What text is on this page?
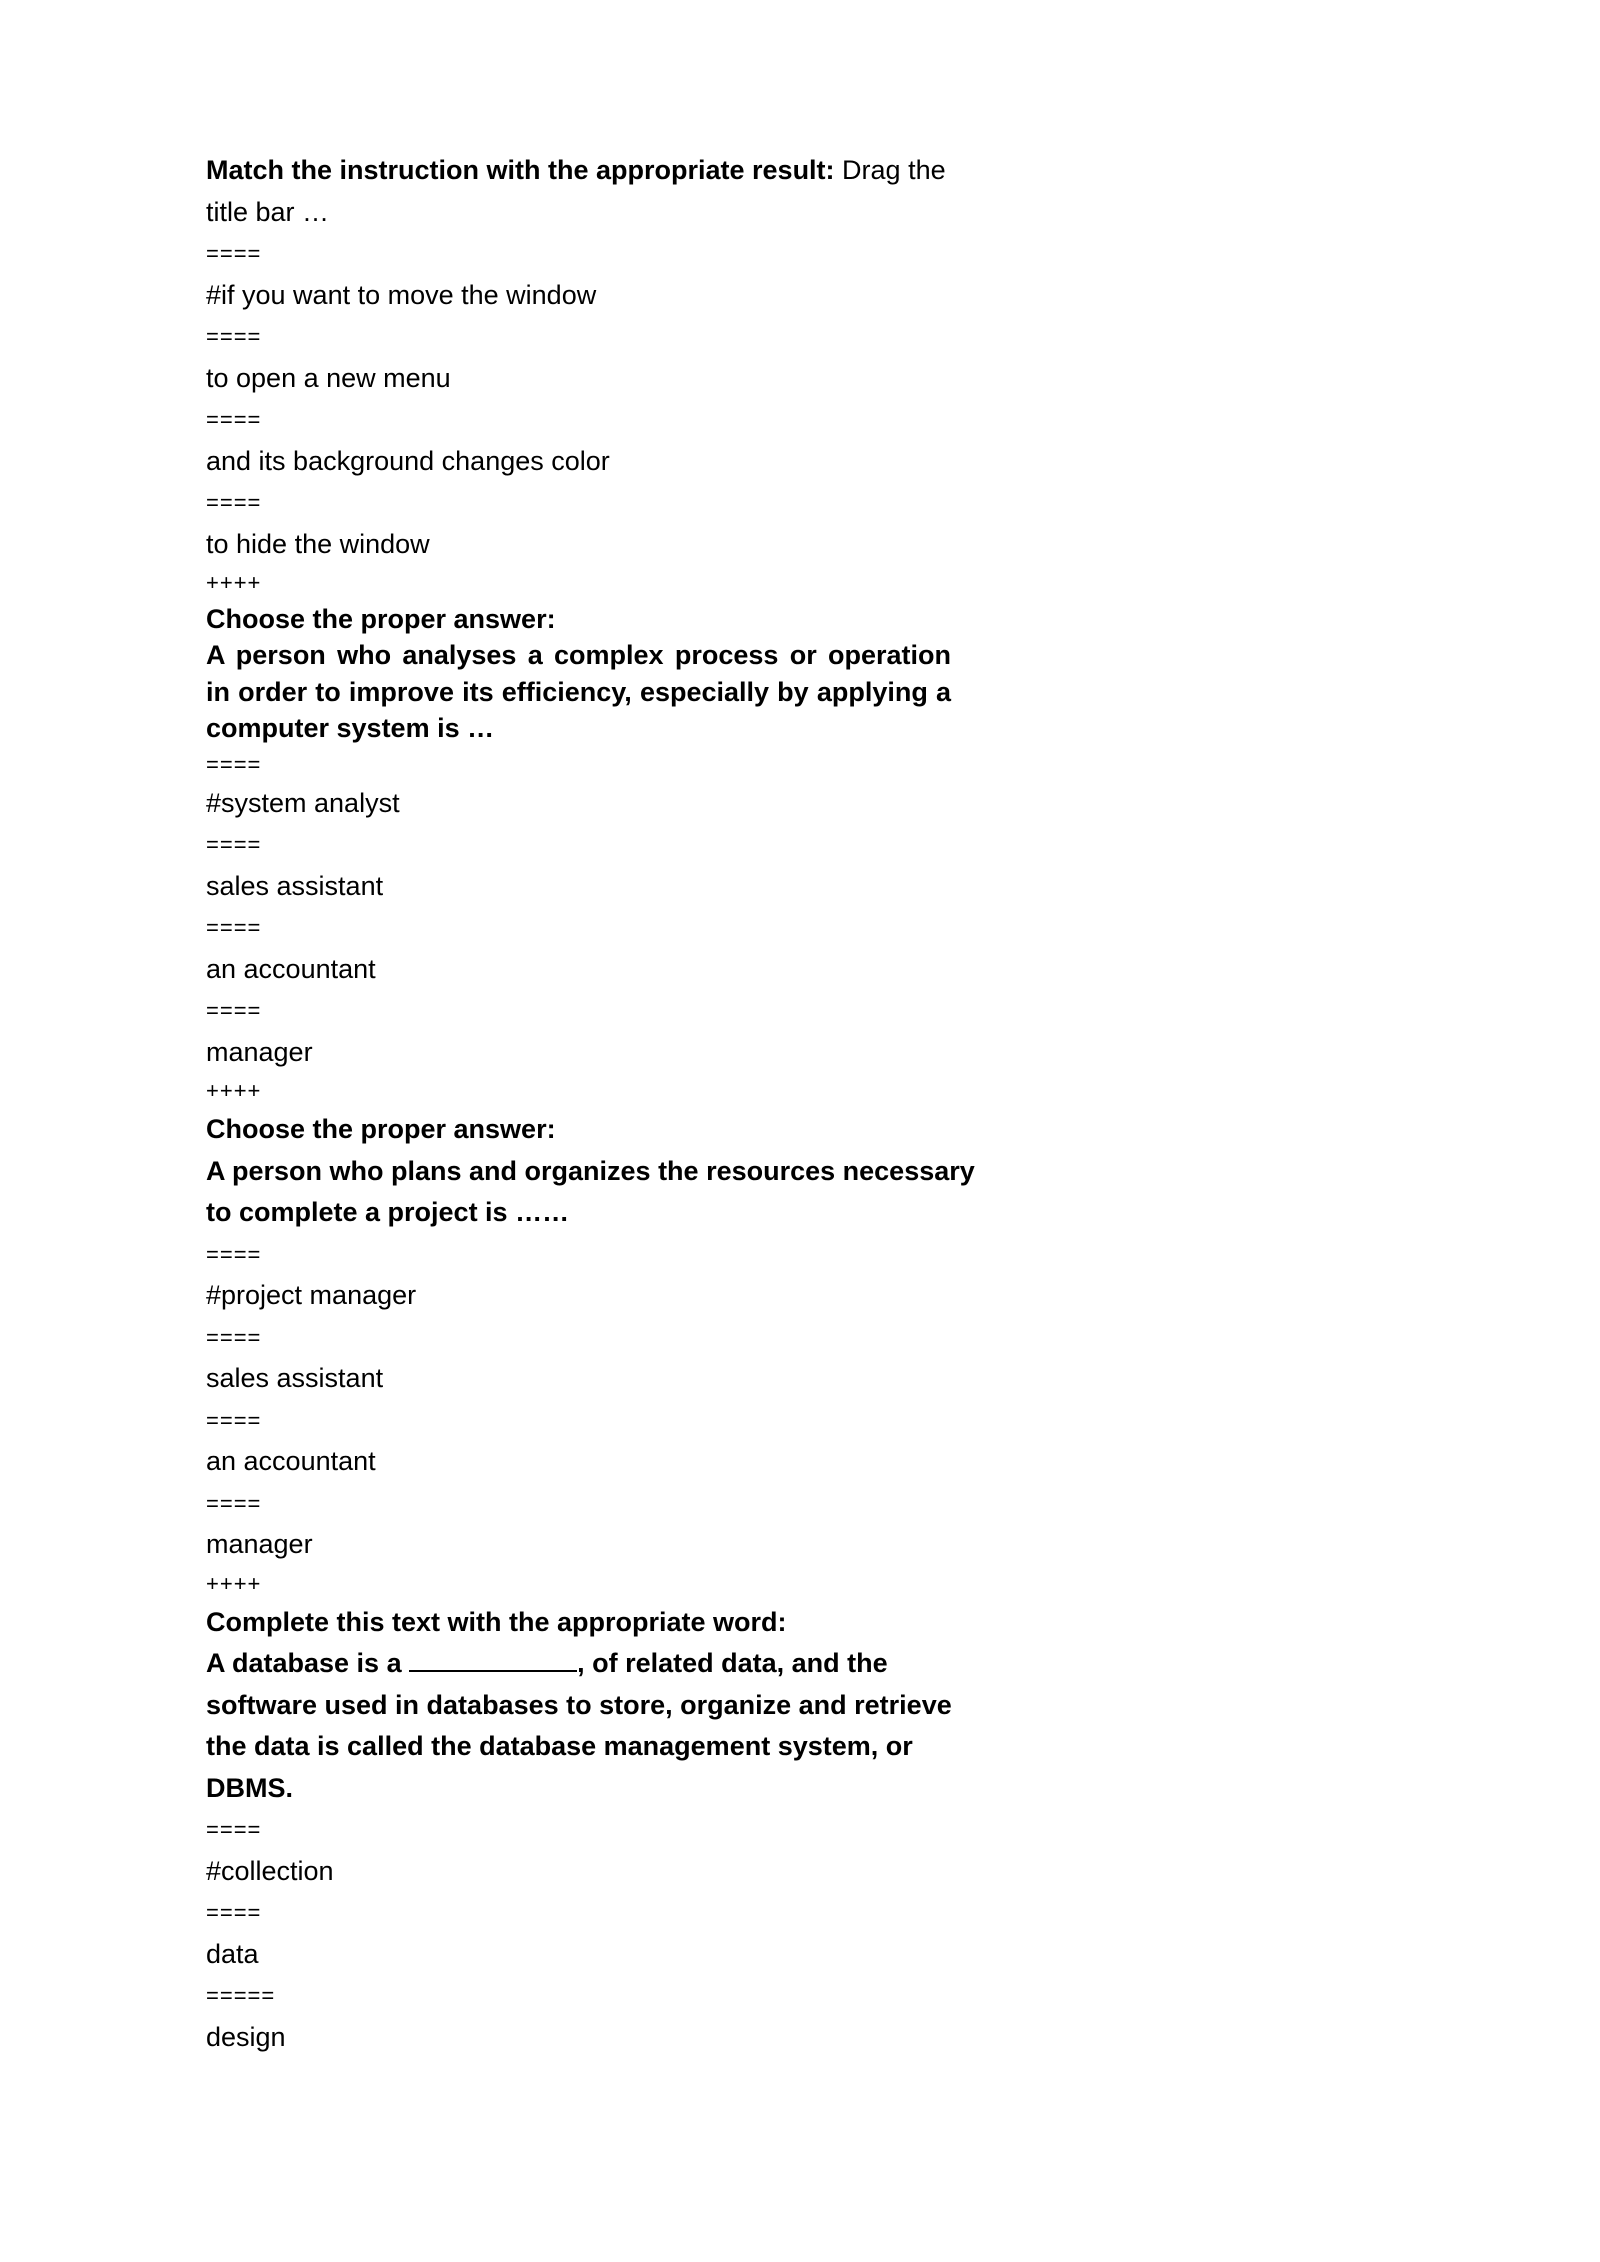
Match the instruction with the appropriate result: Drag the
title bar …
====
#if you want to move the window
====
to open a new menu
====
and its background changes color
====
to hide the window
++++
Choose the proper answer:
A person who analyses a complex process or operation in order to improve its efficiency, especially by applying a computer system is …
====
#system analyst
====
sales assistant
====
an accountant
====
manager
++++
Choose the proper answer:
A person who plans and organizes the resources necessary
to complete a project is ……
====
#project manager
====
sales assistant
====
an accountant
====
manager
++++
Complete this text with the appropriate word:
A database is a	, of related data, and the
software used in databases to store, organize and retrieve
the data is called the database management system, or
DBMS.
====
#collection
====
data
=====
design
